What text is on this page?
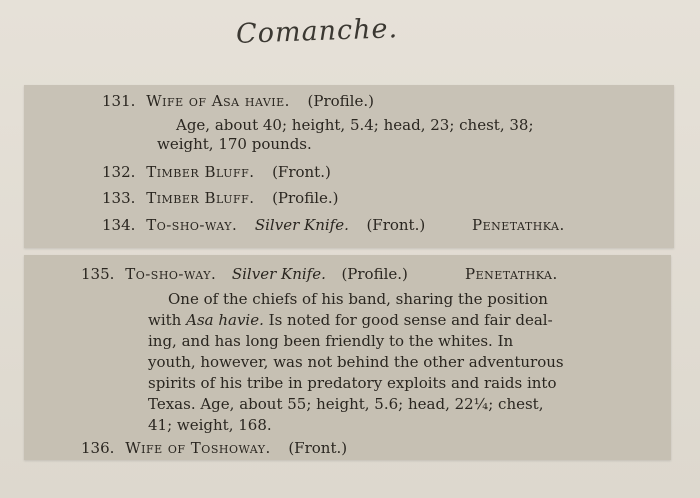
Comanche.
131. Wife of Asa havie. (Profile.)
Age, about 40; height, 5.4; head, 23; chest, 38;
weight, 170 pounds.
132. Timber Bluff. (Front.)
133. Timber Bluff. (Profile.)
134. To-sho-way. Silver Knife. (Front.)	Penetathka.
135. To-sho-way. Silver Knife. (Profile.)	Penetathka.
One of the chiefs of his band, sharing the position
with Asa havie. Is noted for good sense and fair deal-
ing, and has long been friendly to the whites. In
youth, however, was not behind the other adventurous
spirits of his tribe in predatory exploits and raids into
Texas. Age, about 55; height, 5.6; head, 22¼; chest,
41; weight, 168.
136. Wife of Toshoway. (Front.)
